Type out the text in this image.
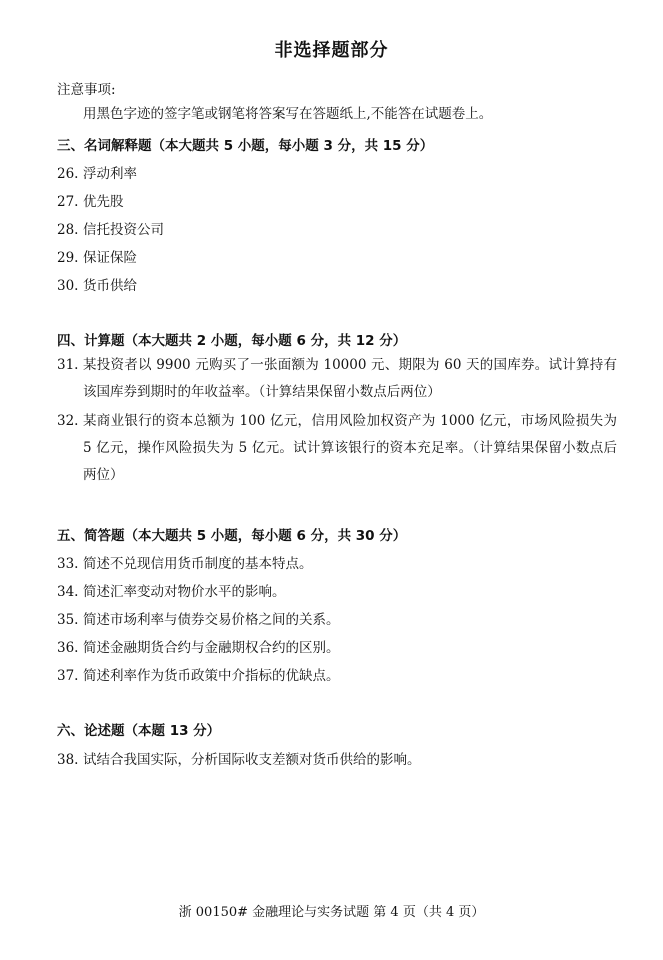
非选择题部分
注意事项:
用黑色字迹的签字笔或钢笔将答案写在答题纸上,不能答在试题卷上。
三、名词解释题（本大题共 5 小题，每小题 3 分，共 15 分）
26. 浮动利率
27. 优先股
28. 信托投资公司
29. 保证保险
30. 货币供给
四、计算题（本大题共 2 小题，每小题 6 分，共 12 分）
31. 某投资者以 9900 元购买了一张面额为 10000 元、期限为 60 天的国库券。试计算持有该国库券到期时的年收益率。（计算结果保留小数点后两位）
32. 某商业银行的资本总额为 100 亿元，信用风险加权资产为 1000 亿元，市场风险损失为 5 亿元，操作风险损失为 5 亿元。试计算该银行的资本充足率。（计算结果保留小数点后两位）
五、简答题（本大题共 5 小题，每小题 6 分，共 30 分）
33. 简述不兑现信用货币制度的基本特点。
34. 简述汇率变动对物价水平的影响。
35. 简述市场利率与债券交易价格之间的关系。
36. 简述金融期货合约与金融期权合约的区别。
37. 简述利率作为货币政策中介指标的优缺点。
六、论述题（本题 13 分）
38. 试结合我国实际，分析国际收支差额对货币供给的影响。
浙 00150# 金融理论与实务试题 第 4 页（共 4 页）
